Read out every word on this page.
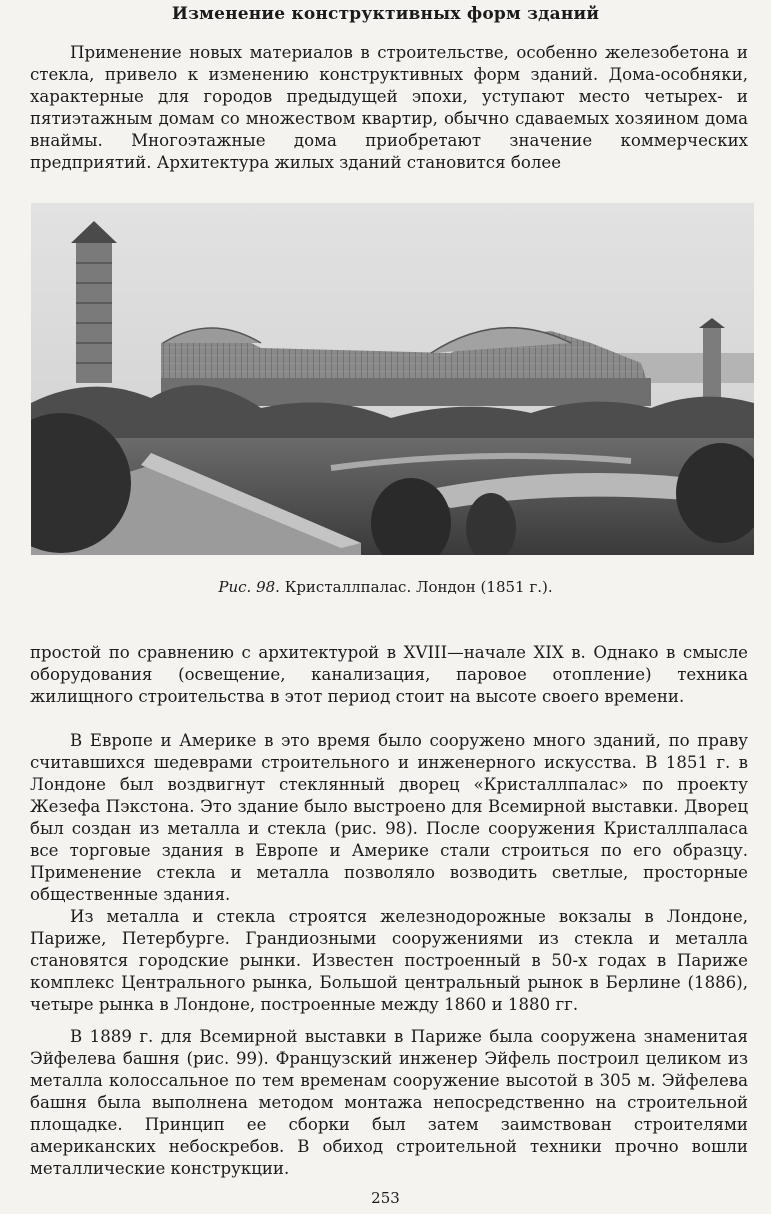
Изменение конструктивных форм зданий

Применение новых материалов в строительстве, особенно железобетона и стекла, привело к изменению конструктивных форм зданий. Дома-особняки, характерные для городов предыдущей эпохи, уступают место четырех- и пятиэтажным домам со множеством квартир, обычно сдаваемых хозяином дома внаймы. Многоэтажные дома приобретают значение коммерческих предприятий. Архитектура жилых зданий становится более

Рис. 98. Кристаллпалас. Лондон (1851 г.).

простой по сравнению с архитектурой в XVIII—начале XIX в. Однако в смысле оборудования (освещение, канализация, паровое отопление) техника жилищного строительства в этот период стоит на высоте своего времени.

В Европе и Америке в это время было сооружено много зданий, по праву считавшихся шедеврами строительного и инженерного искусства. В 1851 г. в Лондоне был воздвигнут стеклянный дворец «Кристаллпалас» по проекту Жезефа Пэкстона. Это здание было выстроено для Всемирной выставки. Дворец был создан из металла и стекла (рис. 98). После сооружения Кристаллпаласа все торговые здания в Европе и Америке стали строиться по его образцу. Применение стекла и металла позволяло возводить светлые, просторные общественные здания.

Из металла и стекла строятся железнодорожные вокзалы в Лондоне, Париже, Петербурге. Грандиозными сооружениями из стекла и металла становятся городские рынки. Известен построенный в 50-х годах в Париже комплекс Центрального рынка, Большой центральный рынок в Берлине (1886), четыре рынка в Лондоне, построенные между 1860 и 1880 гг.

В 1889 г. для Всемирной выставки в Париже была сооружена знаменитая Эйфелева башня (рис. 99). Французский инженер Эйфель построил целиком из металла колоссальное по тем временам сооружение высотой в 305 м. Эйфелева башня была выполнена методом монтажа непосредственно на строительной площадке. Принцип ее сборки был затем заимствован строителями американских небоскребов. В обиход строительной техники прочно вошли металлические конструкции.

253
